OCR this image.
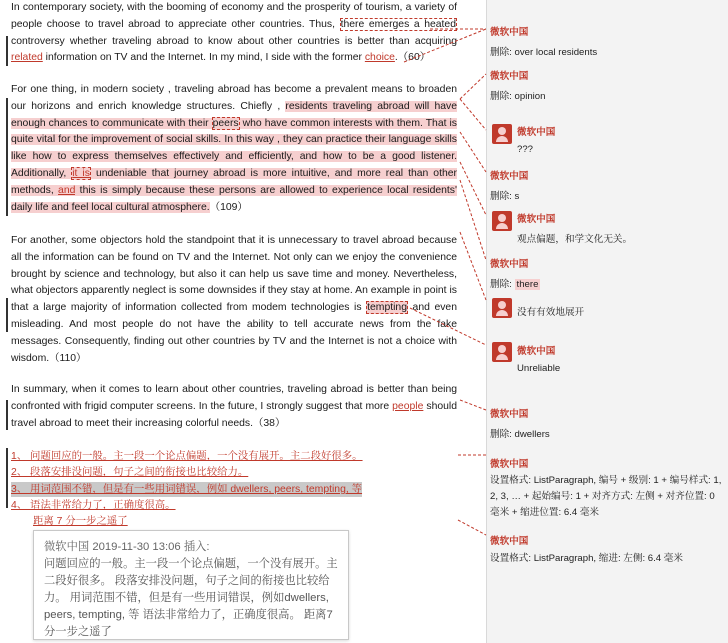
In contemporary society, with the booming of economy and the prosperity of tourism, a variety of people choose to travel abroad to appreciate other countries. Thus, there emerges a heated controversy whether traveling abroad to know about other countries is better than acquiring related information on TV and the Internet. In my mind, I side with the former choice.（60）
For one thing, in modern society , traveling abroad has become a prevalent means to broaden our horizons and enrich knowledge structures. Chiefly , residents traveling abroad will have enough chances to communicate with their peers who have common interests with them. That is quite vital for the improvement of social skills. In this way , they can practice their language skills like how to express themselves effectively and efficiently, and how to be a good listener. Additionally, it is undeniable that journey abroad is more intuitive, and more real than other methods, and this is simply because these persons are allowed to experience local residents' daily life and feel local cultural atmosphere.（109）
For another, some objectors hold the standpoint that it is unnecessary to travel abroad because all the information can be found on TV and the Internet. Not only can we enjoy the convenience brought by science and technology, but also it can help us save time and money. Nevertheless, what objectors apparently neglect is some downsides if they stay at home. An example in point is that a large majority of information collected from modem technologies is tempting and even misleading. And most people do not have the ability to tell accurate news from the fake messages. Consequently, finding out other countries by TV and the Internet is not a choice with wisdom.（110）
In summary, when it comes to learn about other countries, traveling abroad is better than being confronted with frigid computer screens. In the future, I strongly suggest that more people should travel abroad to meet their increasing colorful needs.（38）
1、 问题回应的一般。主一段一个论点偏题，一个没有展开。主二段好很多。
2、 段落安排没问题，句子之间的衔接也比较给力。
3、 用词范围不错，但是有一些用词错误，例如 dwellers, peers, tempting, 等
4、 语法非常给力了，正确度很高。
距离 7 分一步之遥了
微软中国 2019-11-30 13:06 插入:
问题回应的一般。主一段一个论点偏题，一个没有展开。主二段好很多。 段落安排没问题，句子之间的衔接也比较给力。 用词范围不错，但是有一些用词错误，例如dwellers, peers, tempting, 等 语法非常给力了，正确度很高。 距离7分一步之遥了
微软中国
删除: over local residents
微软中国
删除: opinion
微软中国
???
微软中国
删除: s
微软中国
观点偏题，和学文化无关。
微软中国
删除: there
没有有效地展开
微软中国
Unreliable
微软中国
删除: dwellers
微软中国
设置格式: ListParagraph, 编号 + 级别: 1 + 编号样式: 1, 2, 3, … + 起始编号: 1 + 对齐方式: 左侧 + 对齐位置: 0 毫米 + 缩进位置: 6.4 毫米
微软中国
设置格式: ListParagraph, 缩进: 左侧: 6.4 毫米
